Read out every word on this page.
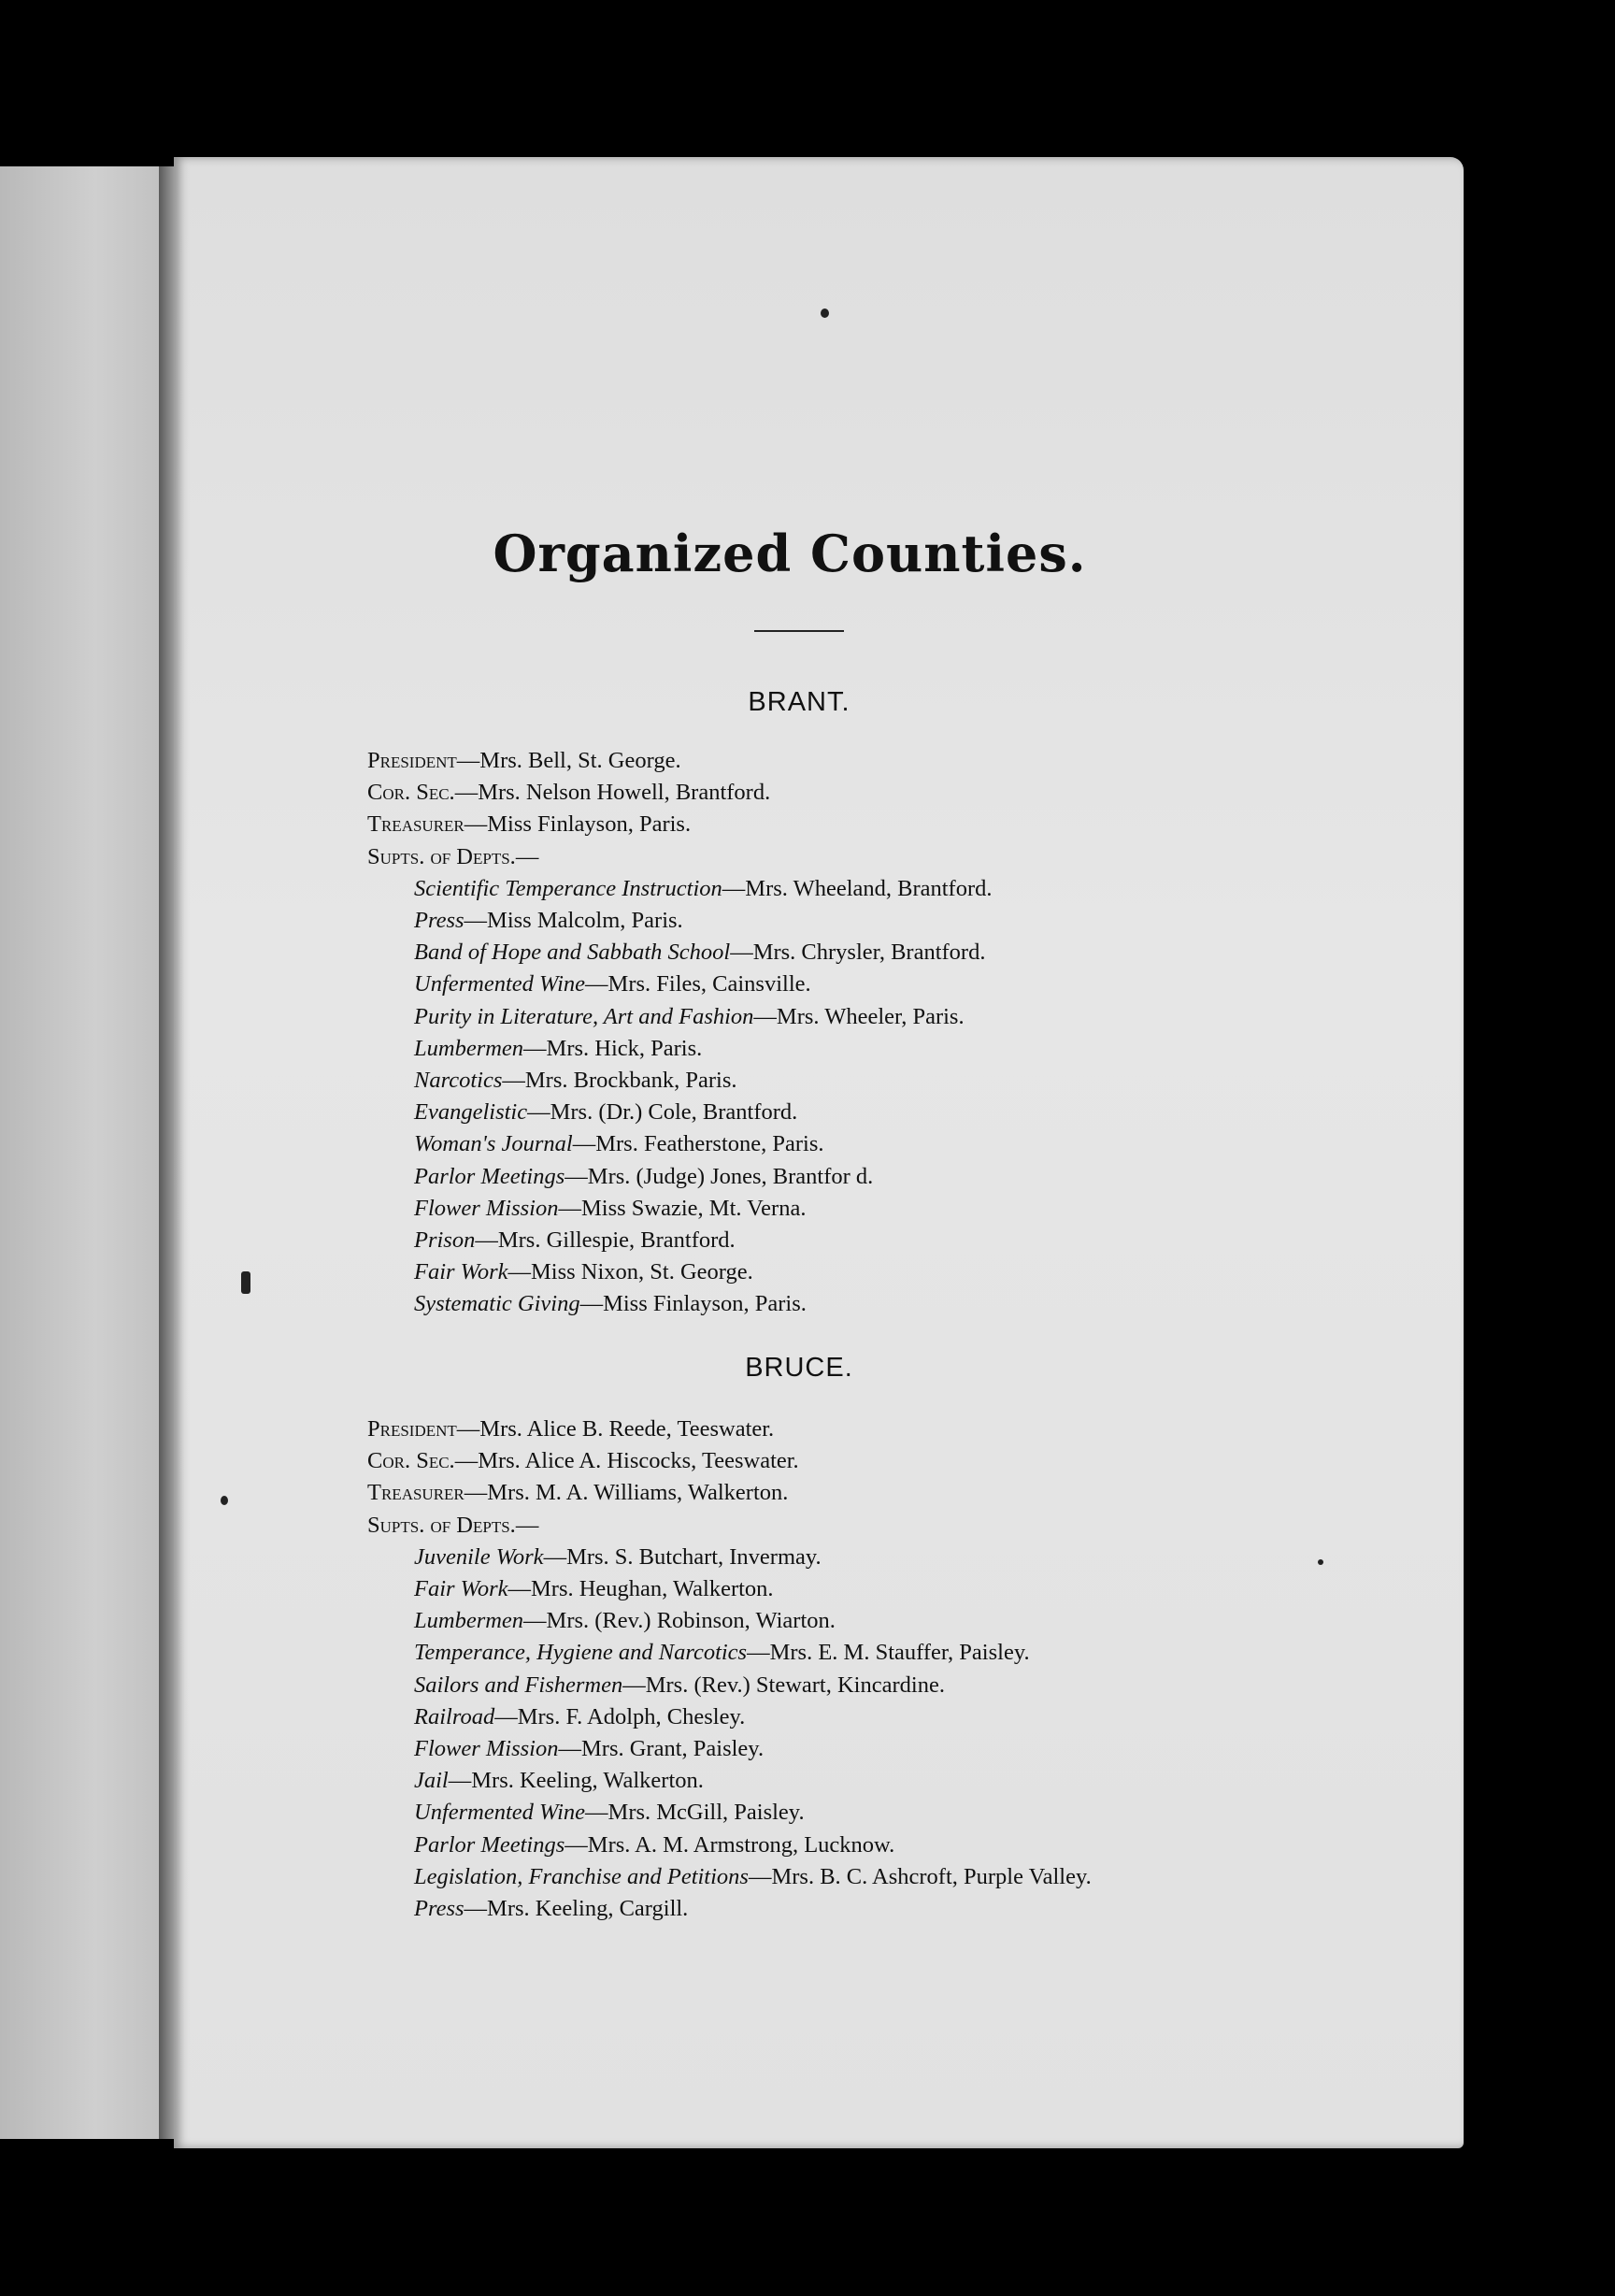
Organized Counties.
BRANT.
President—Mrs. Bell, St. George.
Cor. Sec.—Mrs. Nelson Howell, Brantford.
Treasurer—Miss Finlayson, Paris.
Supts. of Depts.—
Scientific Temperance Instruction—Mrs. Wheeland, Brantford.
Press—Miss Malcolm, Paris.
Band of Hope and Sabbath School—Mrs. Chrysler, Brantford.
Unfermented Wine—Mrs. Files, Cainsville.
Purity in Literature, Art and Fashion—Mrs. Wheeler, Paris.
Lumbermen—Mrs. Hick, Paris.
Narcotics—Mrs. Brockbank, Paris.
Evangelistic—Mrs. (Dr.) Cole, Brantford.
Woman's Journal—Mrs. Featherstone, Paris.
Parlor Meetings—Mrs. (Judge) Jones, Brantfor d.
Flower Mission—Miss Swazie, Mt. Verna.
Prison—Mrs. Gillespie, Brantford.
Fair Work—Miss Nixon, St. George.
Systematic Giving—Miss Finlayson, Paris.
BRUCE.
President—Mrs. Alice B. Reede, Teeswater.
Cor. Sec.—Mrs. Alice A. Hiscocks, Teeswater.
Treasurer—Mrs. M. A. Williams, Walkerton.
Supts. of Depts.—
Juvenile Work—Mrs. S. Butchart, Invermay.
Fair Work—Mrs. Heughan, Walkerton.
Lumbermen—Mrs. (Rev.) Robinson, Wiarton.
Temperance, Hygiene and Narcotics—Mrs. E. M. Stauffer, Paisley.
Sailors and Fishermen—Mrs. (Rev.) Stewart, Kincardine.
Railroad—Mrs. F. Adolph, Chesley.
Flower Mission—Mrs. Grant, Paisley.
Jail—Mrs. Keeling, Walkerton.
Unfermented Wine—Mrs. McGill, Paisley.
Parlor Meetings—Mrs. A. M. Armstrong, Lucknow.
Legislation, Franchise and Petitions—Mrs. B. C. Ashcroft, Purple Valley.
Press—Mrs. Keeling, Cargill.
